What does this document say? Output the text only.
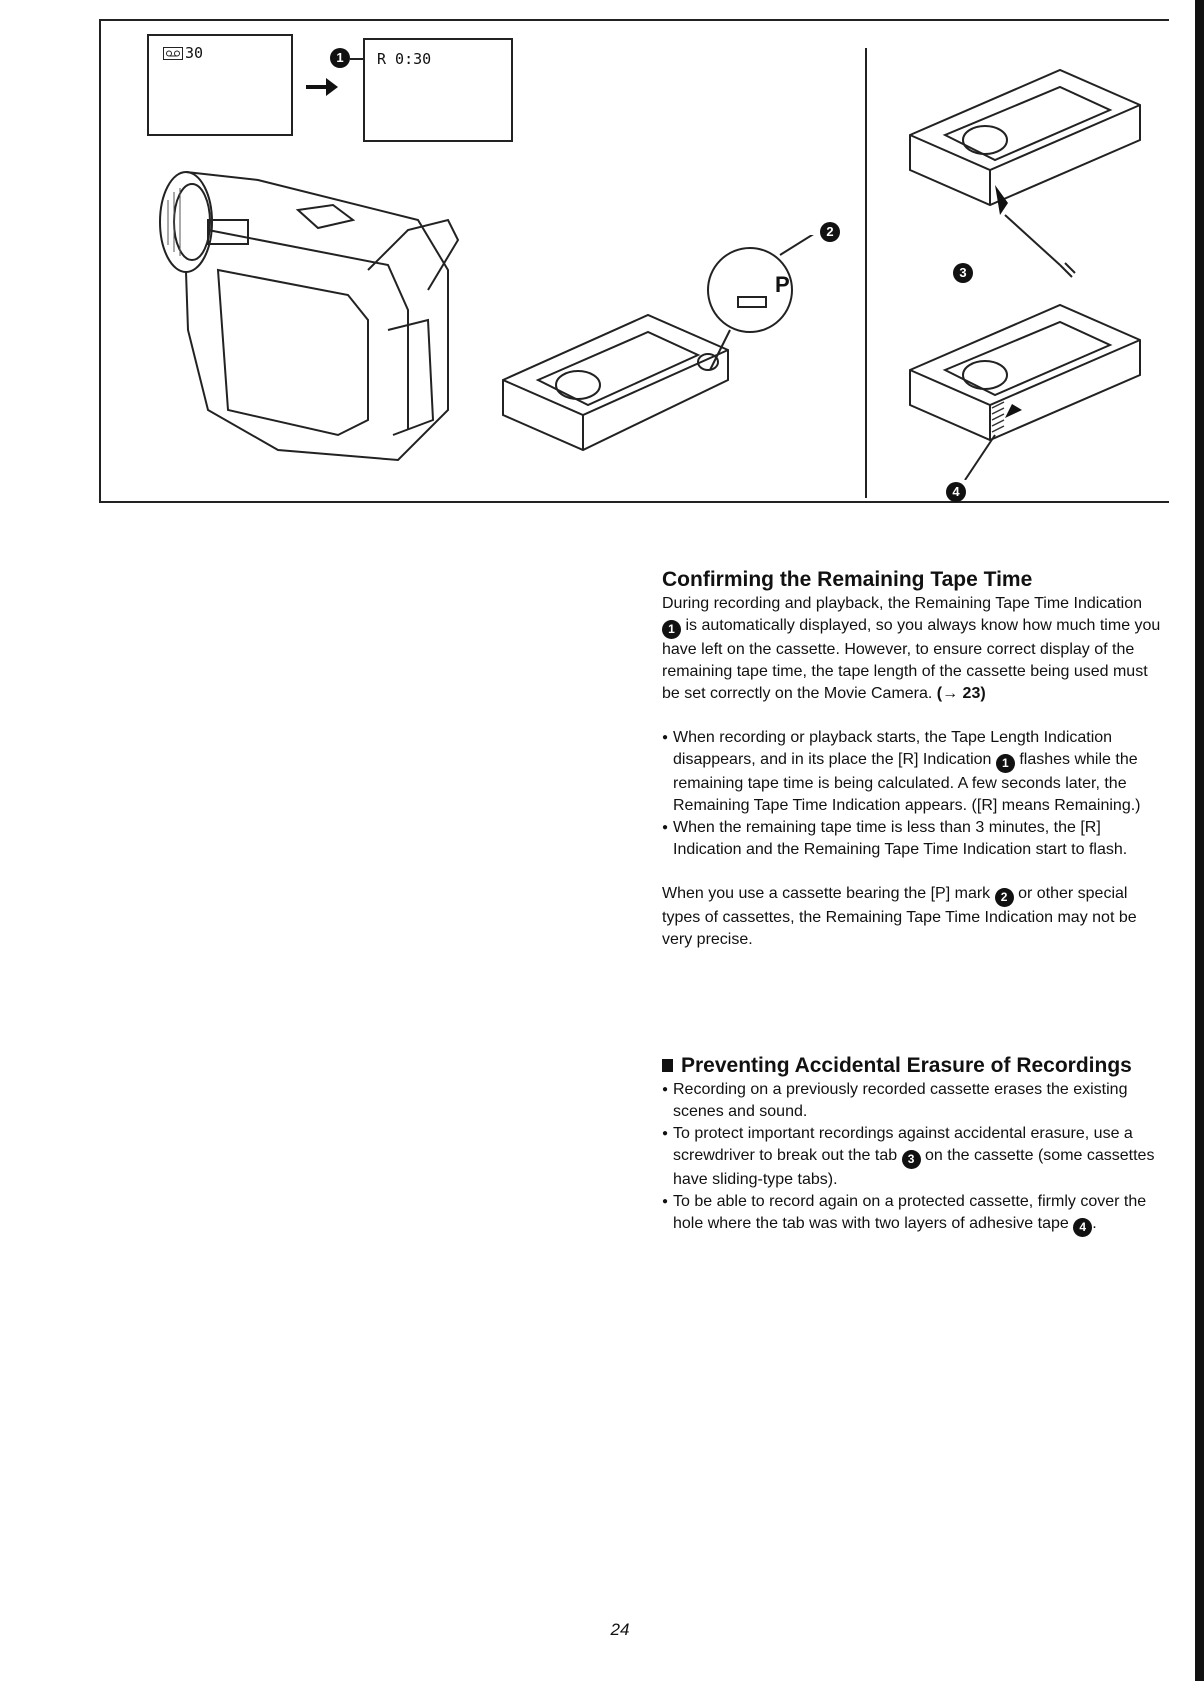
30	1	R 0:30
P
2
3
4
Confirming the Remaining Tape Time

During recording and playback, the Remaining Tape Time Indication 1 is automatically displayed, so you always know how much time you have left on the cassette. However, to ensure correct display of the remaining tape time, the tape length of the cassette being used must be set correctly on the Movie Camera. (→ 23)

● When recording or playback starts, the Tape Length Indication disappears, and in its place the [R] Indication 1 flashes while the remaining tape time is being calculated. A few seconds later, the Remaining Tape Time Indication appears. ([R] means Remaining.)
● When the remaining tape time is less than 3 minutes, the [R] Indication and the Remaining Tape Time Indication start to flash.

When you use a cassette bearing the [P] mark 2 or other special types of cassettes, the Remaining Tape Time Indication may not be very precise.

Preventing Accidental Erasure of Recordings
● Recording on a previously recorded cassette erases the existing scenes and sound.
● To protect important recordings against accidental erasure, use a screwdriver to break out the tab 3 on the cassette (some cassettes have sliding-type tabs).
● To be able to record again on a protected cassette, firmly cover the hole where the tab was with two layers of adhesive tape 4 .
24
